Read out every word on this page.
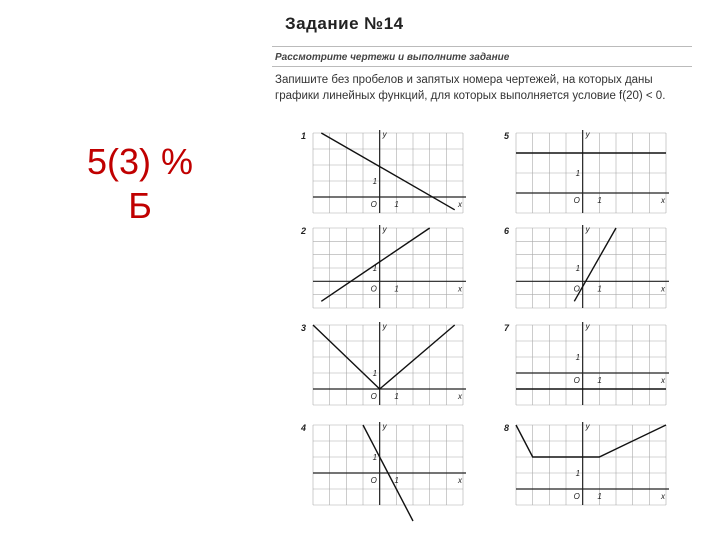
5(3) %
Б
Задание №14
Рассмотрите чертежи и выполните задание
Запишите без пробелов и запятых номера чертежей, на которых даны графики линейных функций, для которых выполняется условие f(20) < 0.
1
x
y
O 1
1
5
x
y
O 1
1
2
x
y
O 1
1
6
x
y
O 1
1
3
x
y
O 1
1
7
x
y
O 1
1
4
x
y
O 1
1
8
x
y
O 1
1
